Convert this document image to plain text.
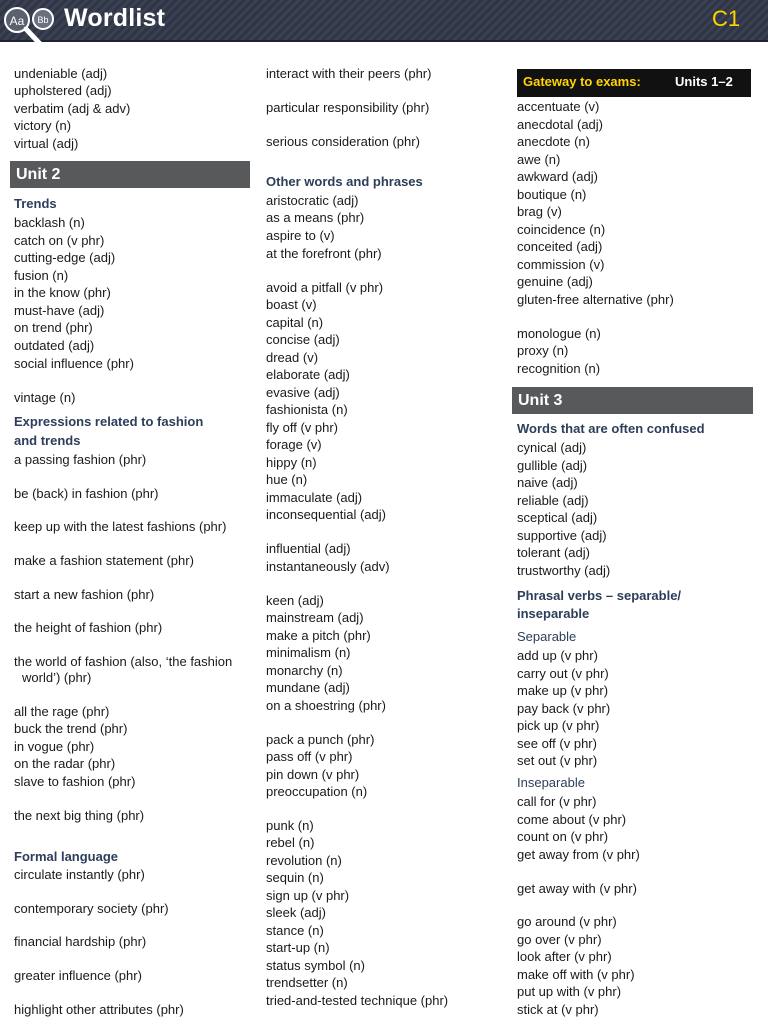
Aa Bb Wordlist	C1
undeniable (adj)
upholstered (adj)
verbatim (adj & adv)
victory (n)
virtual (adj)
Trends
backlash (n)
catch on (v phr)
cutting-edge (adj)
fusion (n)
in the know (phr)
must-have (adj)
on trend (phr)
outdated (adj)
social influence (phr)
vintage (n)
Expressions related to fashion
and trends
a passing fashion (phr)
be (back) in fashion (phr)
keep up with the latest fashions (phr)
make a fashion statement (phr)
start a new fashion (phr)
the height of fashion (phr)
the world of fashion (also, ‘the fashion
world’) (phr)
all the rage (phr)
buck the trend (phr)
in vogue (phr)
on the radar (phr)
slave to fashion (phr)
the next big thing (phr)
Formal language
circulate instantly (phr)
contemporary society (phr)
financial hardship (phr)
greater influence (phr)
highlight other attributes (phr)
interact with their peers (phr)
particular responsibility (phr)
serious consideration (phr)
Other words and phrases
aristocratic (adj)
as a means (phr)
aspire to (v)
at the forefront (phr)
avoid a pitfall (v phr)
boast (v)
capital (n)
concise (adj)
dread (v)
elaborate (adj)
evasive (adj)
fashionista (n)
fly off (v phr)
forage (v)
hippy (n)
hue (n)
immaculate (adj)
inconsequential (adj)
influential (adj)
instantaneously (adv)
keen (adj)
mainstream (adj)
make a pitch (phr)
minimalism (n)
monarchy (n)
mundane (adj)
on a shoestring (phr)
pack a punch (phr)
pass off (v phr)
pin down (v phr)
preoccupation (n)
punk (n)
rebel (n)
revolution (n)
sequin (n)
sign up (v phr)
sleek (adj)
stance (n)
start-up (n)
status symbol (n)
trendsetter (n)
tried-and-tested technique (phr)
accentuate (v)
anecdotal (adj)
anecdote (n)
awe (n)
awkward (adj)
boutique (n)
brag (v)
coincidence (n)
conceited (adj)
commission (v)
genuine (adj)
gluten-free alternative (phr)
monologue (n)
proxy (n)
recognition (n)
Words that are often confused
cynical (adj)
gullible (adj)
naive (adj)
reliable (adj)
sceptical (adj)
supportive (adj)
tolerant (adj)
trustworthy (adj)
Phrasal verbs – separable/
inseparable
Separable
add up (v phr)
carry out (v phr)
make up (v phr)
pay back (v phr)
pick up (v phr)
see off (v phr)
set out (v phr)
Inseparable
call for (v phr)
come about (v phr)
count on (v phr)
get away from (v phr)
get away with (v phr)
go around (v phr)
go over (v phr)
look after (v phr)
make off with (v phr)
put up with (v phr)
stick at (v phr)
Unit 2
Gateway to exams:	Units 1–2
Unit 3
